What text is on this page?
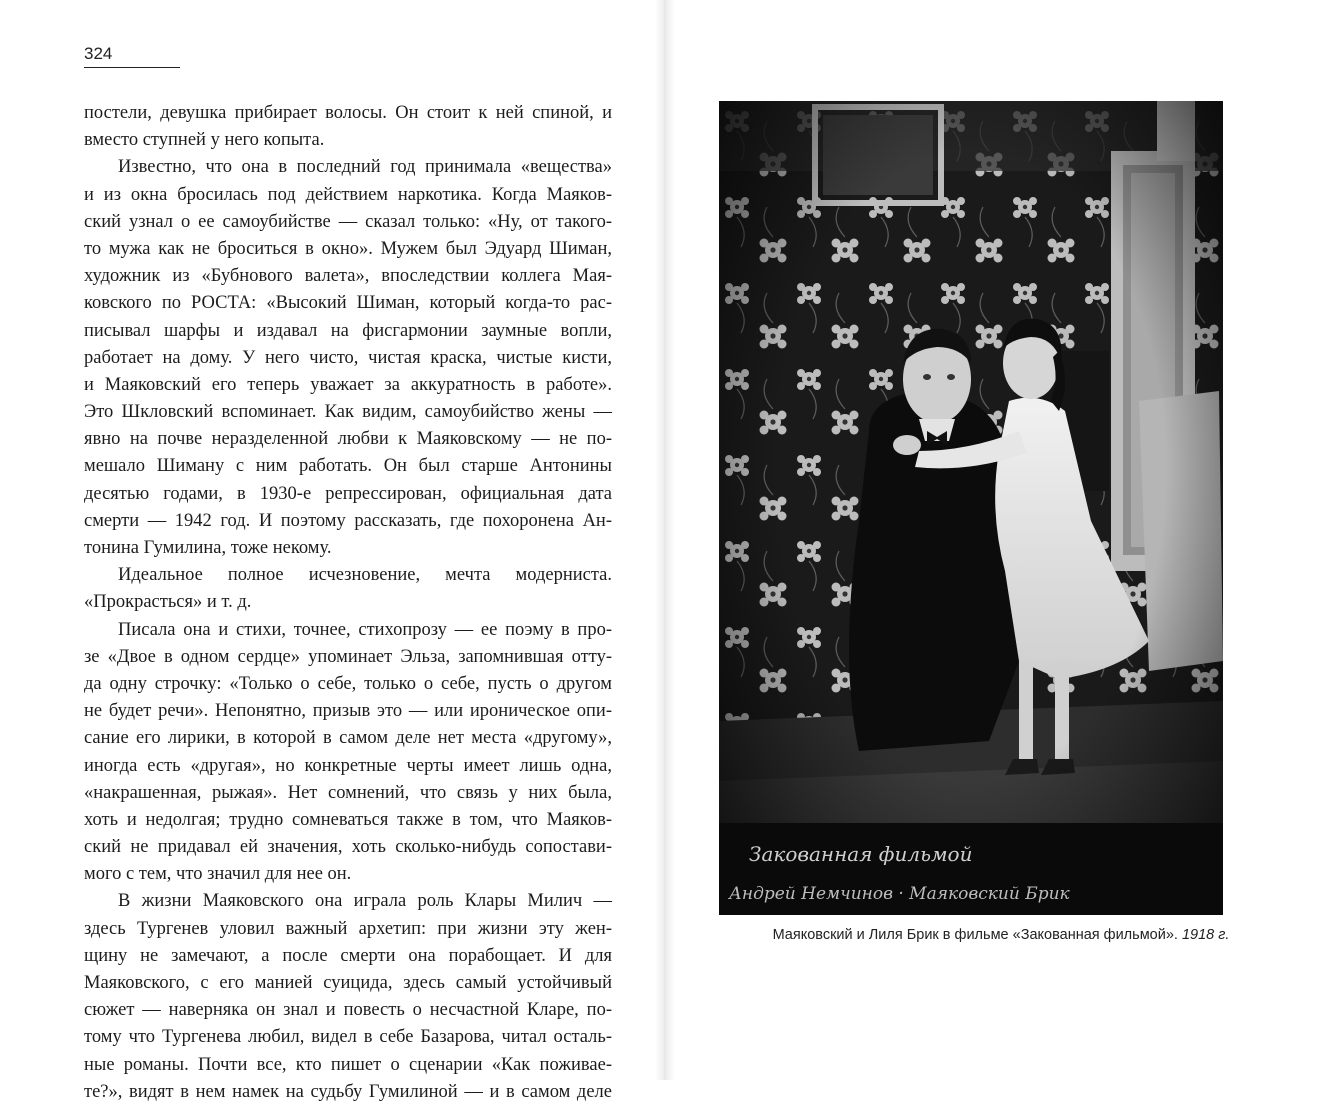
324
постели, девушка прибирает волосы. Он стоит к ней спиной, и
вместо ступней у него копыта.
Известно, что она в последний год принимала «вещества»
и из окна бросилась под действием наркотика. Когда Маяков-
ский узнал о ее самоубийстве — сказал только: «Ну, от такого-
то мужа как не броситься в окно». Мужем был Эдуард Шиман,
художник из «Бубнового валета», впоследствии коллега Мая-
ковского по РОСТА: «Высокий Шиман, который когда-то рас-
писывал шарфы и издавал на фисгармонии заумные вопли,
работает на дому. У него чисто, чистая краска, чистые кисти,
и Маяковский его теперь уважает за аккуратность в работе».
Это Шкловский вспоминает. Как видим, самоубийство жены —
явно на почве неразделенной любви к Маяковскому — не по-
мешало Шиману с ним работать. Он был старше Антонины
десятью годами, в 1930-е репрессирован, официальная дата
смерти — 1942 год. И поэтому рассказать, где похоронена Ан-
тонина Гумилина, тоже некому.
Идеальное полное исчезновение, мечта модерниста.
«Прокрасться» и т. д.
Писала она и стихи, точнее, стихопрозу — ее поэму в про-
зе «Двое в одном сердце» упоминает Эльза, запомнившая отту-
да одну строчку: «Только о себе, только о себе, пусть о другом
не будет речи». Непонятно, призыв это — или ироническое опи-
сание его лирики, в которой в самом деле нет места «другому»,
иногда есть «другая», но конкретные черты имеет лишь одна,
«накрашенная, рыжая». Нет сомнений, что связь у них была,
хоть и недолгая; трудно сомневаться также в том, что Маяков-
ский не придавал ей значения, хоть сколько-нибудь сопостави-
мого с тем, что значил для нее он.
В жизни Маяковского она играла роль Клары Милич —
здесь Тургенев уловил важный архетип: при жизни эту жен-
щину не замечают, а после смерти она порабощает. И для
Маяковского, с его манией суицида, здесь самый устойчивый
сюжет — наверняка он знал и повесть о несчастной Кларе, по-
тому что Тургенева любил, видел в себе Базарова, читал осталь-
ные романы. Почти все, кто пишет о сценарии «Как поживае-
те?», видят в нем намек на судьбу Гумилиной — и в самом деле
Закованная фильмой
Андрей Немчинов · Маяковский Брик
Маяковский и Лиля Брик в фильме «Закованная фильмой». 1918 г.
